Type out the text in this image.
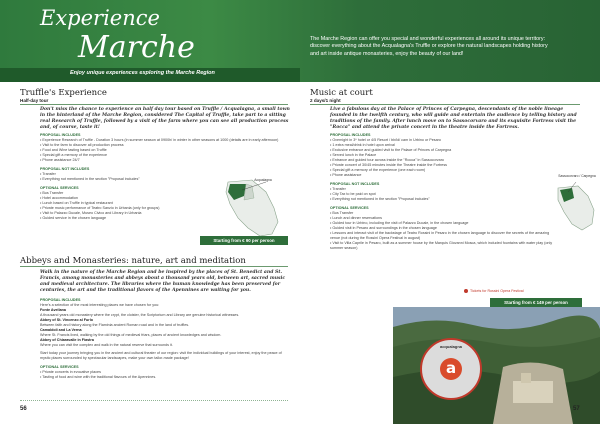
Experience
Marche
Enjoy unique experiences exploring the Marche Region
The Marche Region can offer you special and wonderful experiences all around its unique territory: discover everything about the Acqualagna's Truffle or explore the natural landscapes holding history and art inside antique monasteries, enjoy the beauty of our land!
Truffle's Experience
Half-day tour
Don't miss the chance to experience an half day tour based on Truffle / Acqualagna, a small town in the hinterland of the Marche Region, considered The Capital of Truffle, take part to a sitting real Research of Truffle, followed by a visit of the farm where you can see all production process and, of course, taste it!

PROPOSAL INCLUDES

• Experience Research of Truffle - Duration 3 hours (in summer season at 0900h/ in winter in other seasons at 1000 (details are in early afternoon)

• Visit to the farm to discover all production process

• Food and Wine tasting based on Truffle

• Special gift a memory of the experience

• Phone assistance 24/7

PROPOSAL NOT INCLUDES

• Transfer

• Everything not mentioned in the section "Proposal includes"

OPTIONAL SERVICES

• Bus Transfer

• Hotel accommodation

• Lunch based on Truffle in typical restaurant

• Private music performance of Teatro Sanzio in Urbania (only for groups)

• Visit to Palazzo Ducale, Museo Civico and Library in Urbania

• Guided service in the chosen language

Acqualagna
Starting from € 90 per person
Abbeys and Monasteries: nature, art and meditation
Walk in the nature of the Marche Region and be inspired by the places of St. Benedict and St. Francis, among monasteries and abbeys about a thousand years old, between art, sacred music and medieval architecture. The libraries where the human knowledge has been preserved for centuries, the art and the traditional flavors of the Apennines are waiting for you.

PROPOSAL INCLUDES

Here's a selection of the most interesting places we have chosen for you:

Fonte Avellana

A thousand years old monastery where the crypt, the cloister, the Scriptorium and Library are genuine historical witnesses.

Abbey of St. Vincenzo al Furlo

Between faith and history along the Flaminia ancient Roman road and in the land of truffles.

Camaldoli and La Verna

Where St. Francis lived, walking by the old things of medieval friars, places of ancient knowledges and wisdom.

Abbey of Chiaravalle in Fiastra

Where you can visit the complex and walk in the natural reserve that surrounds it.

Start today your journey bringing you in the ancient and cultural theater of our region: visit the individual buildings of your interest, enjoy the peace of mystic places surrounded by spectacular landscapes, make your own tailor-made package!

OPTIONAL SERVICES

• Private concerts in evocative places

• Tasting of food and wine with the traditional flavours of the Apennines.

56
Music at court
2 days/1 night
Live a fabulous day at the Palace of Princes of Carpegna, descendants of the noble lineage founded in the twelfth century, who will guide and entertain the audience by telling history and traditions of the family. After lunch move on to Sassocorvaro and its exquisite Fortress visit the "Rocca" and attend the private concert in the theatre inside the Fortress.

PROPOSAL INCLUDES

• Overnight in 3* hotel or 4/5 Resort / bb/ld/ cam in Urbino or Pesaro

• 1 extra meal/drink in hotel upon arrival

• Exclusive entrance and guided visit to the Palace of Princes of Carpegna

• Served lunch in the Palace

• Entrance and guided tour across inside the "Rocca" in Sassocorvaro

• Private concert of 30/45 minutes inside the Theatre inside the Fortress

• Special gift a memory of the experience (one each room)

• Phone assistance

PROPOSAL NOT INCLUDES

• Transfer

• City Tax to be paid on spot

• Everything not mentioned in the section "Proposal includes"

OPTIONAL SERVICES

• Bus Transfer

• Lunch and dinner reservations

• Guided tour in Urbino, including the visit of Palazzo Ducale, in the chosen language

• Guided visit in Pesaro and surroundings in the chosen language

• Lessons and interact visit of the backstage of Teatro Rossini in Pesaro in the chosen language to discover the secrets of the amazing venue (not during the Rossini Opera Festival in august)

• Visit to Villa Caprile in Pesaro, built as a summer house by the Marquis Giovanni Mosca, which included fountains with water play (only summer season)

Sassocorvaro / Carpegna
Tickets for Rossini Opera Festival
Starting from € 149 per person
acqualagna
a
57
